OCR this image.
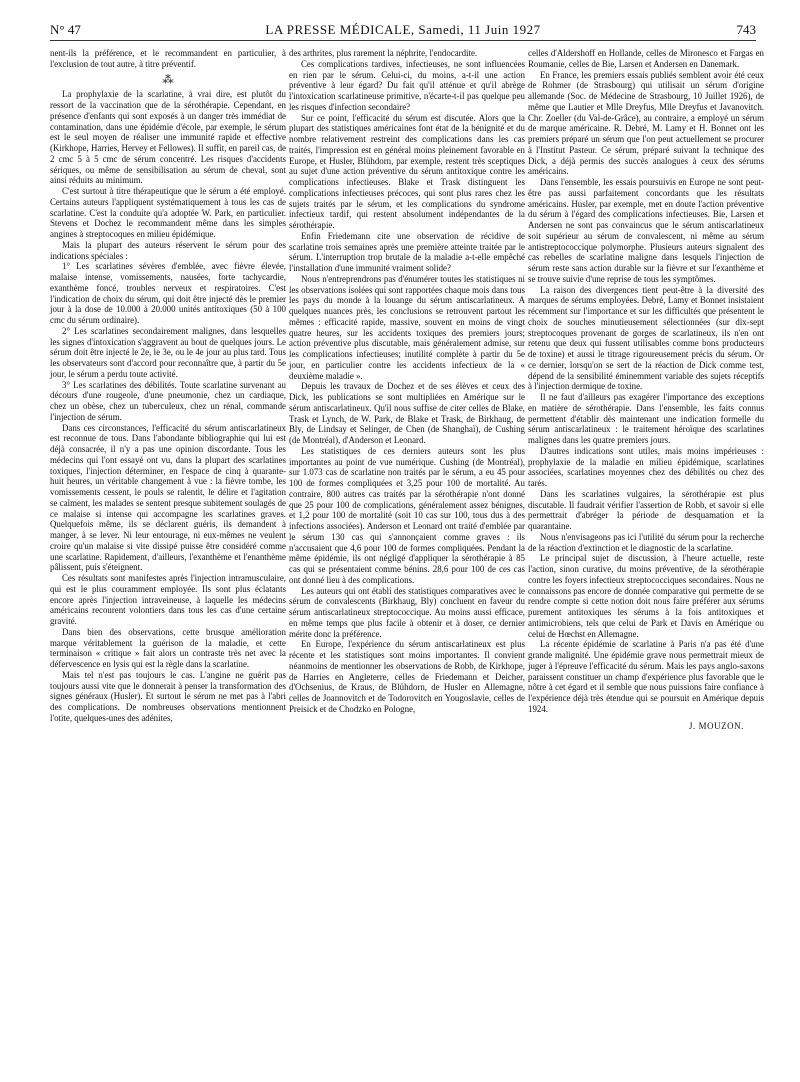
N° 47	LA PRESSE MÉDICALE, Samedi, 11 Juin 1927	743

nent-ils la préférence, et le recommandent en particulier, à l'exclusion de tout autre, à titre préventif.

⁂

La prophylaxie de la scarlatine, à vrai dire, est plutôt du ressort de la vaccination que de la sérothérapie. Cependant, en présence d'enfants qui sont exposés à un danger très immédiat de contamination, dans une épidémie d'école, par exemple, le sérum est le seul moyen de réaliser une immunité rapide et effective (Kirkhope, Harries, Hervey et Fellowes). Il suffit, en pareil cas, de 2 cmc 5 à 5 cmc de sérum concentré. Les risques d'accidents sériques, ou même de sensibilisation au sérum de cheval, sont ainsi réduits au minimum.

C'est surtout à titre thérapeutique que le sérum a été employé. Certains auteurs l'appliquent systématiquement à tous les cas de scarlatine. C'est la conduite qu'a adoptée W. Park, en particulier. Stevens et Dochez le recommandent même dans les simples angines à streptocoques en milieu épidémique.

Mais la plupart des auteurs réservent le sérum pour des indications spéciales :

1° Les scarlatines sévères d'emblée, avec fièvre élevée, malaise intense, vomissements, nausées, forte tachycardie, exanthème foncé, troubles nerveux et respiratoires. C'est l'indication de choix du sérum, qui doit être injecté dès le premier jour à la dose de 10.000 à 20.000 unités antitoxiques (50 à 100 cmc du sérum ordinaire).

2° Les scarlatines secondairement malignes, dans lesquelles les signes d'intoxication s'aggravent au bout de quelques jours. Le sérum doit être injecté le 2e, le 3e, ou le 4e jour au plus tard. Tous les observateurs sont d'accord pour reconnaître que, à partir du 5e jour, le sérum a perdu toute activité.

3° Les scarlatines des débilités. Toute scarlatine survenant au décours d'une rougeole, d'une pneumonie, chez un cardiaque, chez un obèse, chez un tuberculeux, chez un rénal, commande l'injection de sérum.

Dans ces circonstances, l'efficacité du sérum antiscarlatineux est reconnue de tous. Dans l'abondante bibliographie qui lui est déjà consacrée, il n'y a pas une opinion discordante. Tous les médecins qui l'ont essayé ont vu, dans la plupart des scarlatines toxiques, l'injection déterminer, en l'espace de cinq à quarante-huit heures, un véritable changement à vue : la fièvre tombe, les vomissements cessent, le pouls se ralentit, le délire et l'agitation se calment, les malades se sentent presque subitement soulagés de ce malaise si intense qui accompagne les scarlatines graves. Quelquefois même, ils se déclarent guéris, ils demandent à manger, à se lever. Ni leur entourage, ni eux-mêmes ne veulent croire qu'un malaise si vite dissipé puisse être considéré comme une scarlatine. Rapidement, d'ailleurs, l'exanthème et l'enanthème pâlissent, puis s'éteignent.

Ces résultats sont manifestes après l'injection intramusculaire, qui est le plus couramment employée. Ils sont plus éclatants encore après l'injection intraveineuse, à laquelle les médecins américains recourent volontiers dans tous les cas d'une certaine gravité.

Dans bien des observations, cette brusque amélioration marque véritablement la guérison de la maladie, et cette terminaison « critique » fait alors un contraste très net avec la défervescence en lysis qui est la règle dans la scarlatine.

Mais tel n'est pas toujours le cas. L'angine ne guérit pas toujours aussi vite que le donnerait à penser la transformation des signes généraux (Husler). Et surtout le sérum ne met pas à l'abri des complications. De nombreuses observations mentionnent l'otite, quelques-unes des adénites,

des arthrites, plus rarement la néphrite, l'endocardite.

Ces complications tardives, infectieuses, ne sont influencées en rien par le sérum. Celui-ci, du moins, a-t-il une action préventive à leur égard? Du fait qu'il atténue et qu'il abrège l'intoxication scarlatineuse primitive, n'écarte-t-il pas quelque peu les risques d'infection secondaire?

Sur ce point, l'efficacité du sérum est discutée. Alors que la plupart des statistiques américaines font état de la bénignité et du nombre relativement restreint des complications dans les cas traités, l'impression est en général moins pleinement favorable en Europe, et Husler, Blühdorn, par exemple, restent très sceptiques au sujet d'une action préventive du sérum antitoxique contre les complications infectieuses. Blake et Trask distinguent les complications infectieuses précoces, qui sont plus rares chez les sujets traités par le sérum, et les complications du syndrome infectieux tardif, qui restent absolument indépendantes de la sérothérapie.

Enfin Friedemann cite une observation de récidive de scarlatine trois semaines après une première atteinte traitée par le sérum. L'interruption trop brutale de la maladie a-t-elle empêché l'installation d'une immunité vraiment solide?

Nous n'entreprendrons pas d'énumérer toutes les statistiques ni les observations isolées qui sont rapportées chaque mois dans tous les pays du monde à la louange du sérum antiscarlatineux. A quelques nuances près, les conclusions se retrouvent partout les mêmes : efficacité rapide, massive, souvent en moins de vingt quatre heures, sur les accidents toxiques des premiers jours; action préventive plus discutable, mais généralement admise, sur les complications infectieuses; inutilité complète à partir du 5e jour, en particulier contre les accidents infectieux de la « deuxième maladie ».

Depuis les travaux de Dochez et de ses élèves et ceux des Dick, les publications se sont multipliées en Amérique sur le sérum antiscarlatineux. Qu'il nous suffise de citer celles de Blake, Trask et Lynch, de W. Park, de Blake et Trask, de Birkhaug, de Bly, de Lindsay et Selinger, de Chen (de Shanghaï), de Cushing (de Montréal), d'Anderson et Leonard.

Les statistiques de ces derniers auteurs sont les plus importantes au point de vue numérique. Cushing (de Montréal), sur 1.073 cas de scarlatine non traités par le sérum, a eu 45 pour 100 de formes compliquées et 3,25 pour 100 de mortalité. Au contraire, 800 autres cas traités par la sérothérapie n'ont donné que 25 pour 100 de complications, généralement assez bénignes, et 1,2 pour 100 de mortalité (soit 10 cas sur 100, tous dus à des infections associées). Anderson et Leonard ont traité d'emblée par le sérum 130 cas qui s'annonçaient comme graves : ils n'accusaient que 4,6 pour 100 de formes compliquées. Pendant la même épidémie, ils ont négligé d'appliquer la sérothérapie à 85 cas qui se présentaient comme bénins. 28,6 pour 100 de ces cas ont donné lieu à des complications.

Les auteurs qui ont établi des statistiques comparatives avec le sérum de convalescents (Birkhaug, Bly) concluent en faveur du sérum antiscarlatineux streptococcique. Au moins aussi efficace, en même temps que plus facile à obtenir et à doser, ce dernier mérite donc la préférence.

En Europe, l'expérience du sérum antiscarlatineux est plus récente et les statistiques sont moins importantes. Il convient néanmoins de mentionner les observations de Robb, de Kirkhope, de Harries en Angleterre, celles de Friedemann et Deicher, d'Ochsenius, de Kraus, de Blühdorn, de Husler en Allemagne, celles de Joannovitch et de Todorovitch en Yougoslavie, celles de Preisick et de Chodzko en Pologne,

celles d'Aldershoff en Hollande, celles de Mironesco et Fargas en Roumanie, celles de Bie, Larsen et Andersen en Danemark.

En France, les premiers essais publiés semblent avoir été ceux de Rohmer (de Strasbourg) qui utilisait un sérum d'origine allemande (Soc. de Médecine de Strasbourg, 10 Juillet 1926), de même que Lautier et Mlle Dreyfus, Mlle Dreyfus et Javanovitch. Chr. Zoeller (du Val-de-Grâce), au contraire, a employé un sérum de marque américaine. R. Debré, M. Lamy et H. Bonnet ont les premiers préparé un sérum que l'on peut actuellement se procurer à l'Institut Pasteur. Ce sérum, préparé suivant la technique des Dick, a déjà permis des succès analogues à ceux des sérums américains.

Dans l'ensemble, les essais poursuivis en Europe ne sont peut-être pas aussi parfaitement concordants que les résultats américains. Husler, par exemple, met en doute l'action préventive du sérum à l'égard des complications infectieuses. Bie, Larsen et Andersen ne sont pas convaincus que le sérum antiscarlatineux soit supérieur au sérum de convalescent, ni même au sérum antistreptococcique polymorphe. Plusieurs auteurs signalent des cas rebelles de scarlatine maligne dans lesquels l'injection de sérum reste sans action durable sur la fièvre et sur l'exanthème et se trouve suivie d'une reprise de tous les symptômes.

La raison des divergences tient peut-être à la diversité des marques de sérums employées. Debré, Lamy et Bonnet insistaient récemment sur l'importance et sur les difficultés que présentent le choix de souches minutieusement sélectionnées (sur dix-sept streptocoques provenant de gorges de scarlatineux, ils n'en ont retenu que deux qui fussent utilisables comme bons producteurs de toxine) et aussi le titrage rigoureusement précis du sérum. Or ce dernier, lorsqu'on se sert de la réaction de Dick comme test, dépend de la sensibilité éminemment variable des sujets réceptifs à l'injection dermique de toxine.

Il ne faut d'ailleurs pas exagérer l'importance des exceptions en matière de sérothérapie. Dans l'ensemble, les faits connus permettent d'établir dès maintenant une indication formelle du sérum antiscarlatineux : le traitement héroïque des scarlatines malignes dans les quatre premiers jours.

D'autres indications sont utiles, mais moins impérieuses : prophylaxie de la maladie en milieu épidémique, scarlatines associées, scarlatines moyennes chez des débilités ou chez des tarés.

Dans les scarlatines vulgaires, la sérothérapie est plus discutable. Il faudrait vérifier l'assertion de Robb, et savoir si elle permettrait d'abréger la période de desquamation et la quarantaine.

Nous n'envisageons pas ici l'utilité du sérum pour la recherche de la réaction d'extinction et le diagnostic de la scarlatine.

Le principal sujet de discussion, à l'heure actuelle, reste l'action, sinon curative, du moins préventive, de la sérothérapie contre les foyers infectieux streptococciques secondaires. Nous ne connaissons pas encore de donnée comparative qui permette de se rendre compte si cette notion doit nous faire préférer aux sérums purement antitoxiques les sérums à la fois antitoxiques et antimicrobiens, tels que celui de Park et Davis en Amérique ou celui de Hœchst en Allemagne.

La récente épidémie de scarlatine à Paris n'a pas été d'une grande malignité. Une épidémie grave nous permettrait mieux de juger à l'épreuve l'efficacité du sérum. Mais les pays anglo-saxons paraissent constituer un champ d'expérience plus favorable que le nôtre à cet égard et il semble que nous puissions faire confiance à l'expérience déjà très étendue qui se poursuit en Amérique depuis 1924.

J. MOUZON.
